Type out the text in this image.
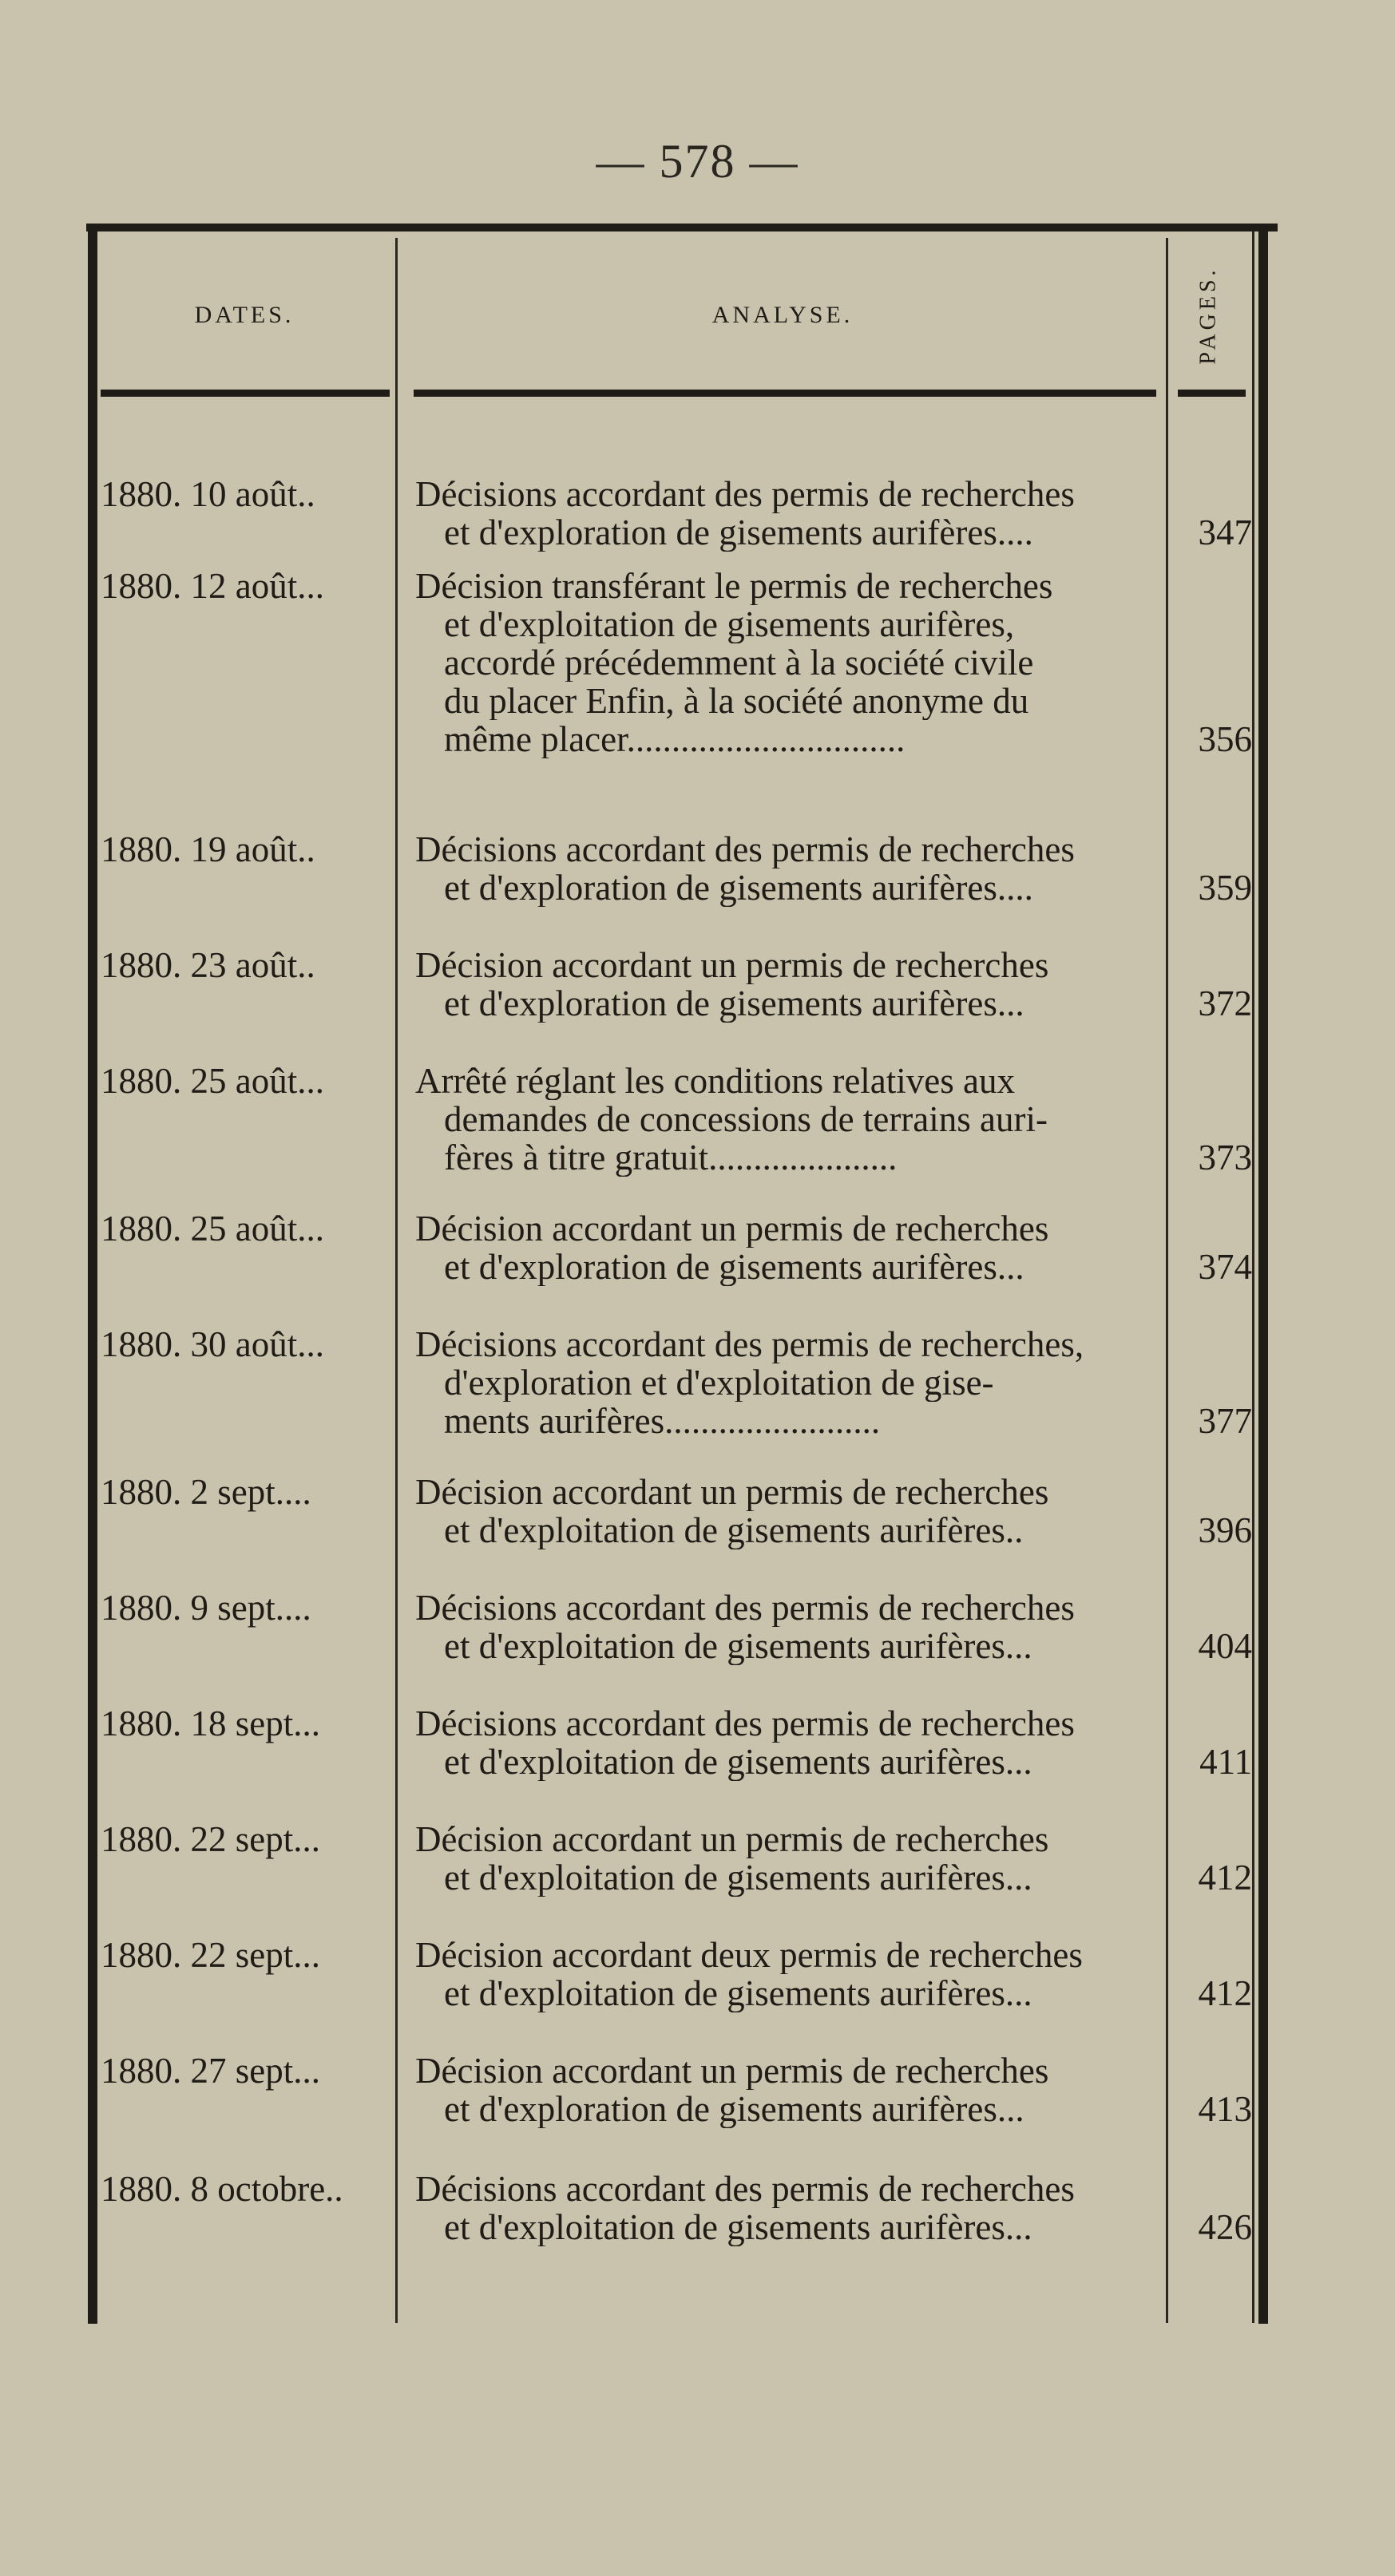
— 578 —
DATES.	ANALYSE.	PAGES.
1880. 10 août..	Décisions accordant des permis de recherches
et d'exploration de gisements aurifères....	347
1880. 12 août...	Décision transférant le permis de recherches
et d'exploitation de gisements aurifères,
accordé précédemment à la société civile
du placer Enfin, à la société anonyme du
même placer...............................	356
1880. 19 août..	Décisions accordant des permis de recherches
et d'exploration de gisements aurifères....	359
1880. 23 août..	Décision accordant un permis de recherches
et d'exploration de gisements aurifères...	372
1880. 25 août...	Arrêté réglant les conditions relatives aux
demandes de concessions de terrains auri-
fères à titre gratuit.....................	373
1880. 25 août...	Décision accordant un permis de recherches
et d'exploration de gisements aurifères...	374
1880. 30 août...	Décisions accordant des permis de recherches,
d'exploration et d'exploitation de gise-
ments aurifères........................	377
1880. 2 sept....	Décision accordant un permis de recherches
et d'exploitation de gisements aurifères..	396
1880. 9 sept....	Décisions accordant des permis de recherches
et d'exploitation de gisements aurifères...	404
1880. 18 sept...	Décisions accordant des permis de recherches
et d'exploitation de gisements aurifères...	411
1880. 22 sept...	Décision accordant un permis de recherches
et d'exploitation de gisements aurifères...	412
1880. 22 sept...	Décision accordant deux permis de recherches
et d'exploitation de gisements aurifères...	412
1880. 27 sept...	Décision accordant un permis de recherches
et d'exploration de gisements aurifères...	413
1880. 8 octobre..	Décisions accordant des permis de recherches
et d'exploitation de gisements aurifères...	426
